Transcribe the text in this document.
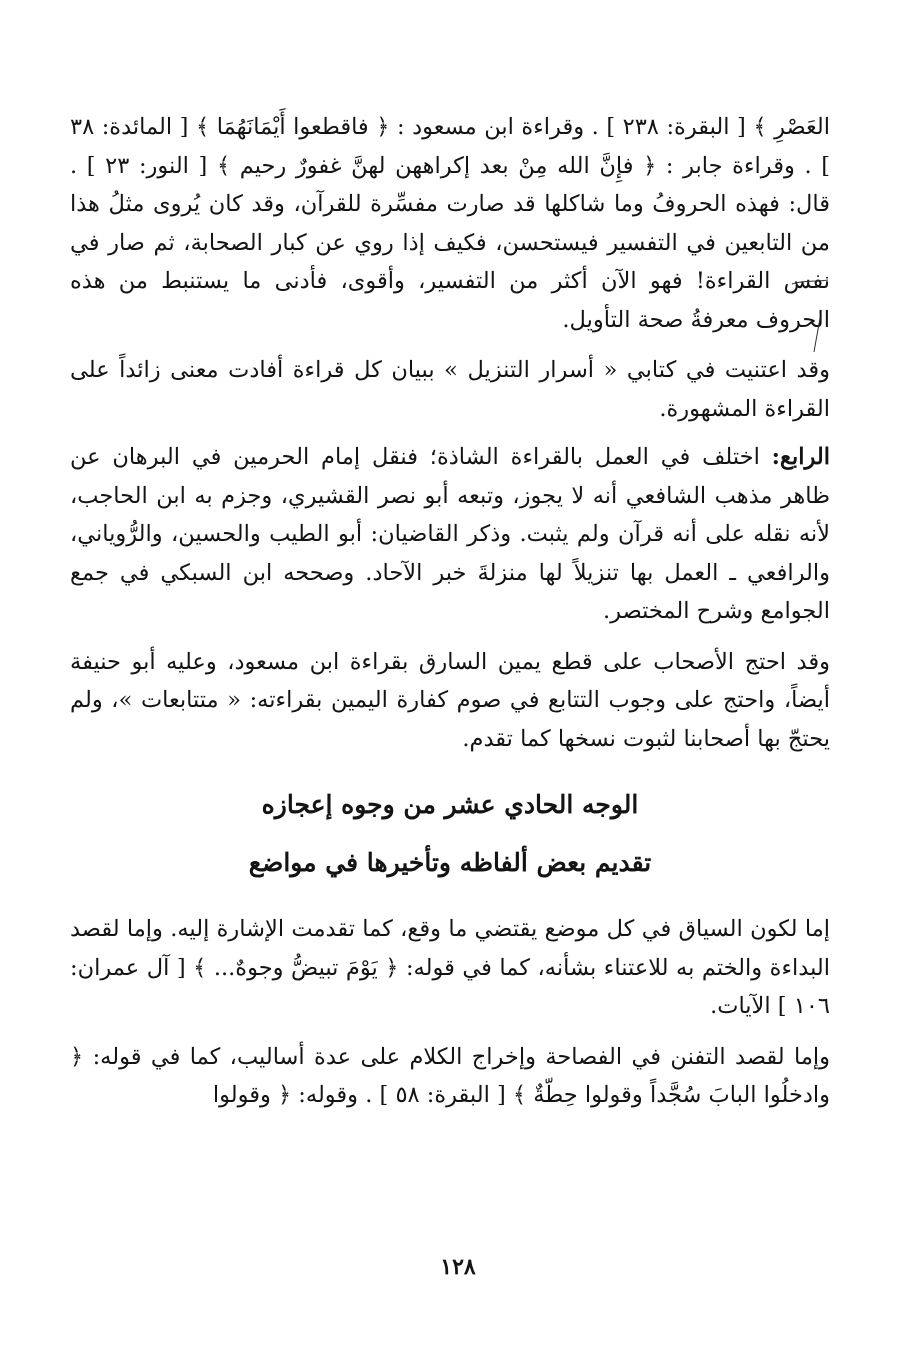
العَصْرِ ﴾ [ البقرة: ٢٣٨ ] . وقراءة ابن مسعود : ﴿ فاقطعوا أَيْمَانَهُمَا ﴾ [ المائدة: ٣٨ ] . وقراءة جابر : ﴿ فإِنَّ الله مِنْ بعد إكراههن لهنَّ غفورٌ رحيم ﴾ [ النور: ٢٣ ] . قال: فهذه الحروفُ وما شاكلها قد صارت مفسِّرة للقرآن، وقد كان يُروى مثلُ هذا من التابعين في التفسير فيستحسن، فكيف إذا روي عن كبار الصحابة، ثم صار في نفس القراءة! فهو الآن أكثر من التفسير، وأقوى، فأدنى ما يستنبط من هذه الحروف معرفةُ صحة التأويل.

وقد اعتنيت في كتابي « أسرار التنزيل » ببيان كل قراءة أفادت معنى زائداً على القراءة المشهورة.

الرابع: اختلف في العمل بالقراءة الشاذة؛ فنقل إمام الحرمين في البرهان عن ظاهر مذهب الشافعي أنه لا يجوز، وتبعه أبو نصر القشيري، وجزم به ابن الحاجب، لأنه نقله على أنه قرآن ولم يثبت. وذكر القاضيان: أبو الطيب والحسين، والرُّوياني، والرافعي ـ العمل بها تنزيلاً لها منزلةَ خبر الآحاد. وصححه ابن السبكي في جمع الجوامع وشرح المختصر.

وقد احتج الأصحاب على قطع يمين السارق بقراءة ابن مسعود، وعليه أبو حنيفة أيضاً، واحتج على وجوب التتابع في صوم كفارة اليمين بقراءته: « متتابعات »، ولم يحتجّ بها أصحابنا لثبوت نسخها كما تقدم.

الوجه الحادي عشر من وجوه إعجازه
تقديم بعض ألفاظه وتأخيرها في مواضع

إما لكون السياق في كل موضع يقتضي ما وقع، كما تقدمت الإشارة إليه. وإما لقصد البداءة والختم به للاعتناء بشأنه، كما في قوله: ﴿ يَوْمَ تبيضُّ وجوهٌ... ﴾ [ آل عمران: ١٠٦ ] الآيات.

وإما لقصد التفنن في الفصاحة وإخراج الكلام على عدة أساليب، كما في قوله: ﴿ وادخلُوا البابَ سُجَّداً وقولوا حِطّةٌ ﴾ [ البقرة: ٥٨ ] . وقوله: ﴿ وقولوا

١٢٨
